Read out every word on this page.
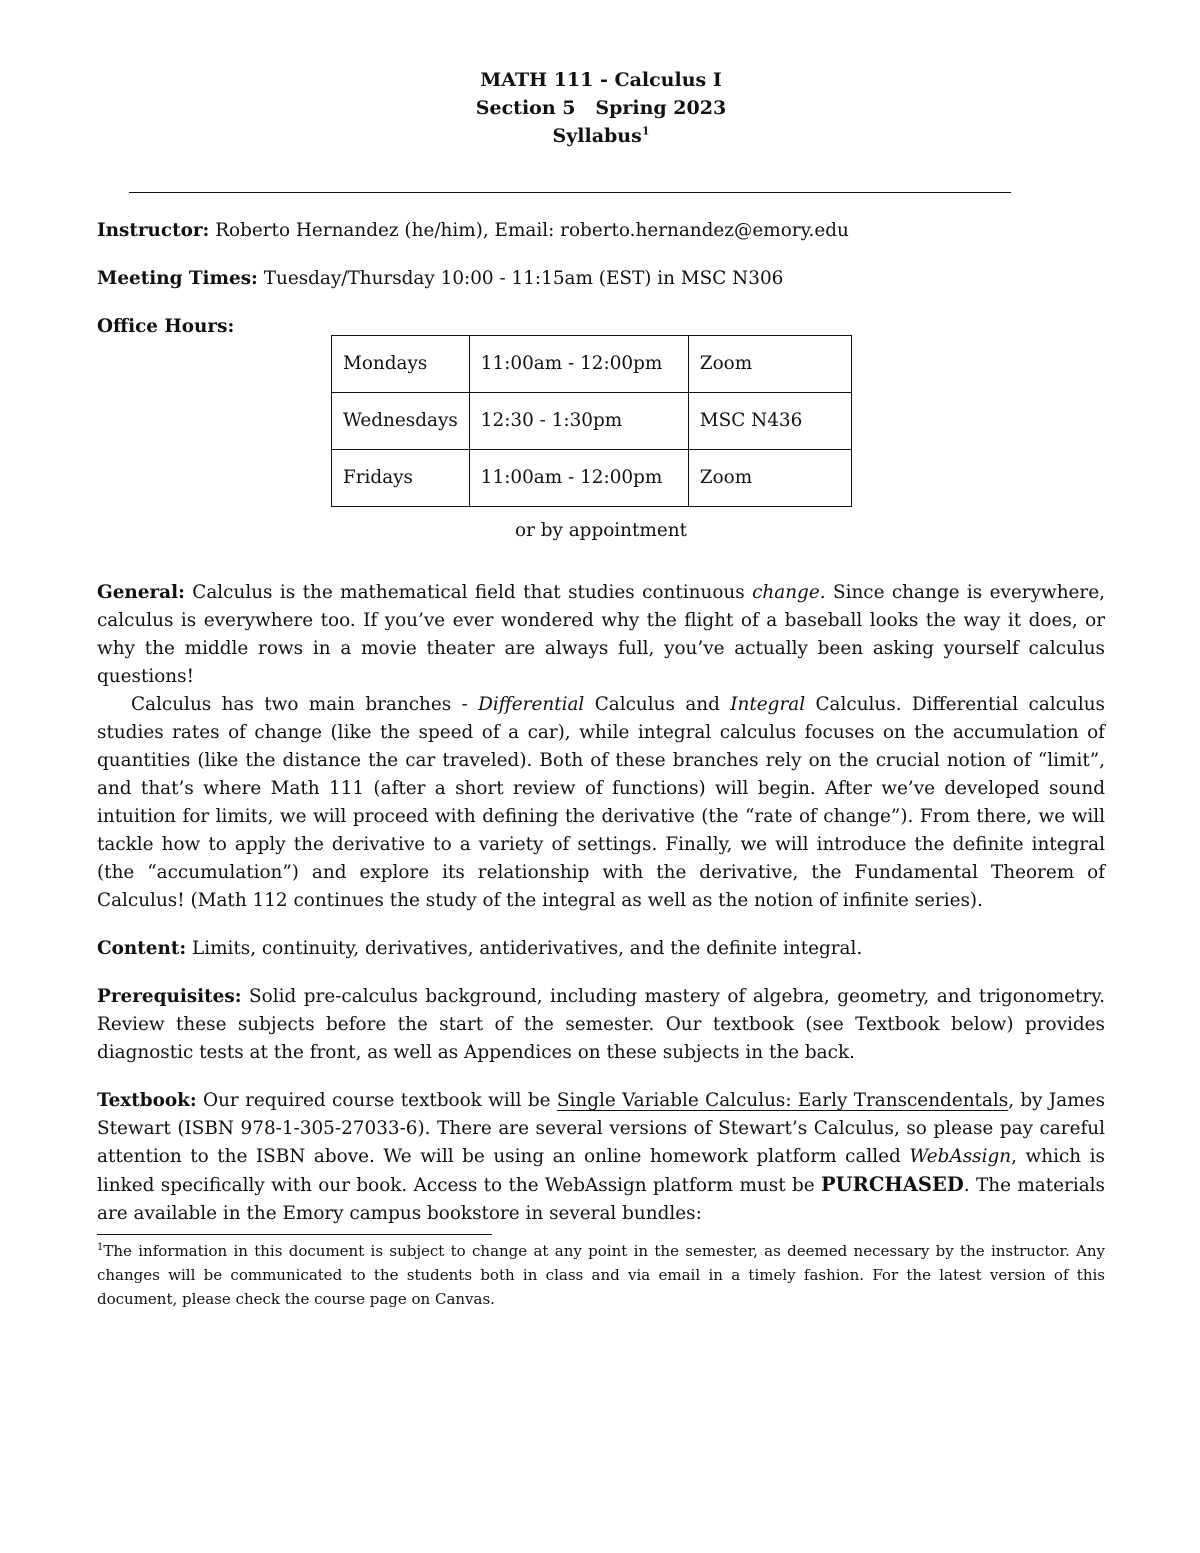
MATH 111 - Calculus I
Section 5 Spring 2023
Syllabus$^1$

Instructor: Roberto Hernandez (he/him), Email: roberto.hernandez@emory.edu

Meeting Times: Tuesday/Thursday 10:00 - 11:15am (EST) in MSC N306

Office Hours:

Mondays	11:00am - 12:00pm	Zoom
Wednesdays	12:30 - 1:30pm	MSC N436
Fridays	11:00am - 12:00pm	Zoom

or by appointment

General: Calculus is the mathematical field that studies continuous change. Since change is everywhere, calculus is everywhere too. If you’ve ever wondered why the flight of a baseball looks the way it does, or why the middle rows in a movie theater are always full, you’ve actually been asking yourself calculus questions!

Calculus has two main branches - Differential Calculus and Integral Calculus. Differential calculus studies rates of change (like the speed of a car), while integral calculus focuses on the accumulation of quantities (like the distance the car traveled). Both of these branches rely on the crucial notion of “limit”, and that’s where Math 111 (after a short review of functions) will begin. After we’ve developed sound intuition for limits, we will proceed with defining the derivative (the “rate of change”). From there, we will tackle how to apply the derivative to a variety of settings. Finally, we will introduce the definite integral (the “accumulation”) and explore its relationship with the derivative, the Fundamental Theorem of Calculus! (Math 112 continues the study of the integral as well as the notion of infinite series).

Content: Limits, continuity, derivatives, antiderivatives, and the definite integral.

Prerequisites: Solid pre-calculus background, including mastery of algebra, geometry, and trigonometry. Review these subjects before the start of the semester. Our textbook (see Textbook below) provides diagnostic tests at the front, as well as Appendices on these subjects in the back.

Textbook: Our required course textbook will be Single Variable Calculus: Early Transcendentals, by James Stewart (ISBN 978-1-305-27033-6). There are several versions of Stewart’s Calculus, so please pay careful attention to the ISBN above. We will be using an online homework platform called WebAssign, which is linked specifically with our book. Access to the WebAssign platform must be PURCHASED. The materials are available in the Emory campus bookstore in several bundles:

$^1$The information in this document is subject to change at any point in the semester, as deemed necessary by the instructor. Any changes will be communicated to the students both in class and via email in a timely fashion. For the latest version of this document, please check the course page on Canvas.
